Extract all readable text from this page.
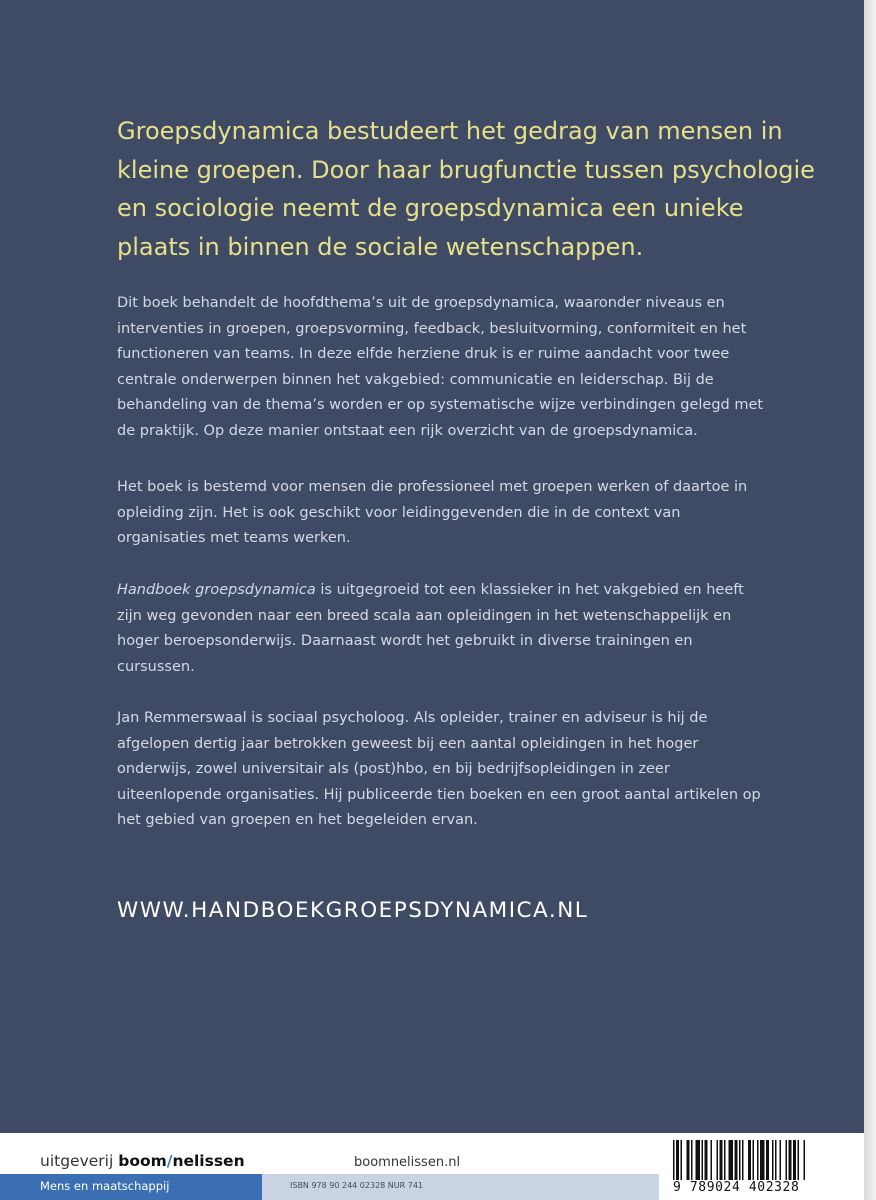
Groepsdynamica bestudeert het gedrag van mensen in kleine groepen. Door haar brugfunctie tussen psychologie en sociologie neemt de groepsdynamica een unieke plaats in binnen de sociale wetenschappen.

Dit boek behandelt de hoofdthema’s uit de groepsdynamica, waaronder niveaus en interventies in groepen, groepsvorming, feedback, besluitvorming, conformiteit en het functioneren van teams. In deze elfde herziene druk is er ruime aandacht voor twee centrale onderwerpen binnen het vakgebied: communicatie en leiderschap. Bij de behandeling van de thema’s worden er op systematische wijze verbindingen gelegd met de praktijk. Op deze manier ontstaat een rijk overzicht van de groepsdynamica.

Het boek is bestemd voor mensen die professioneel met groepen werken of daartoe in opleiding zijn. Het is ook geschikt voor leidinggevenden die in de context van organisaties met teams werken.

Handboek groepsdynamica is uitgegroeid tot een klassieker in het vakgebied en heeft zijn weg gevonden naar een breed scala aan opleidingen in het wetenschappelijk en hoger beroepsonderwijs. Daarnaast wordt het gebruikt in diverse trainingen en cursussen.

Jan Remmerswaal is sociaal psycholoog. Als opleider, trainer en adviseur is hij de afgelopen dertig jaar betrokken geweest bij een aantal opleidingen in het hoger onderwijs, zowel universitair als (post)hbo, en bij bedrijfsopleidingen in zeer uiteenlopende organisaties. Hij publiceerde tien boeken en een groot aantal artikelen op het gebied van groepen en het begeleiden ervan.

WWW.HANDBOEKGROEPSDYNAMICA.NL

uitgeverij boom/nelissen	boomnelissen.nl
Mens en maatschappij	ISBN 978 90 244 02328 NUR 741	9 789024 402328
